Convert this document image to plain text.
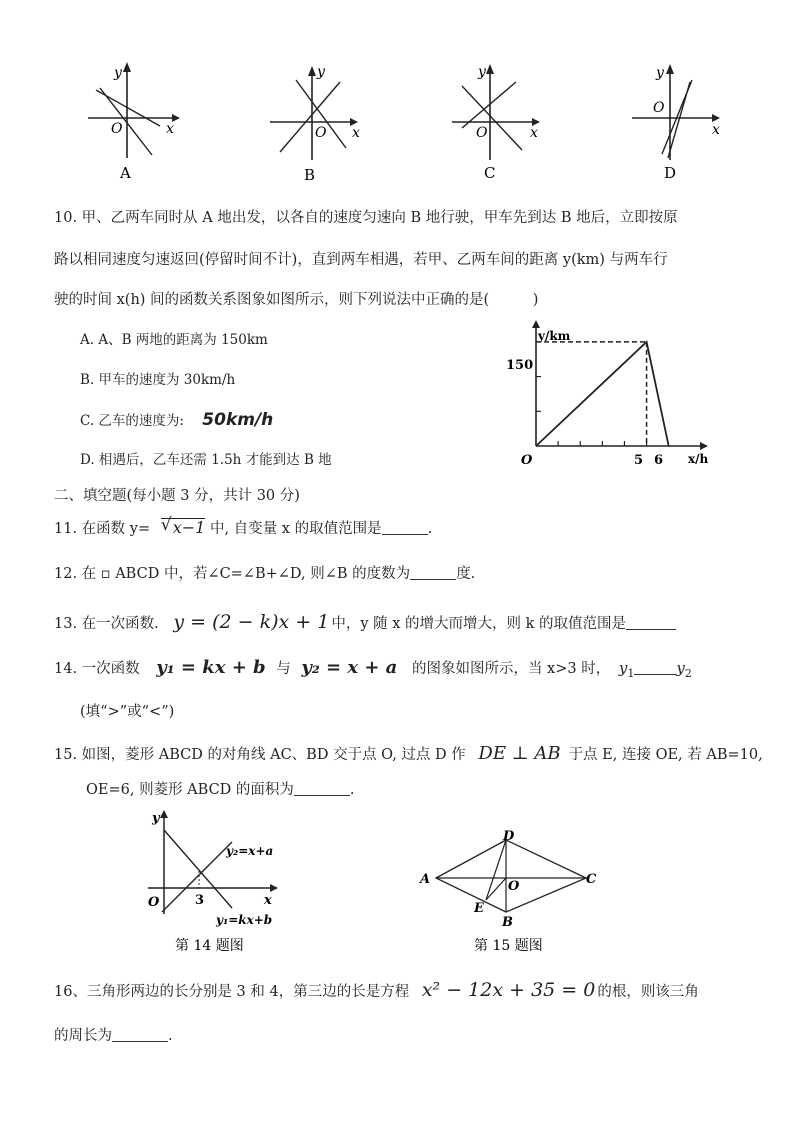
O	x
y
A
O x
y
B
O	x
y
C
O
x
y
D
10. 甲、乙两车同时从 A 地出发，以各自的速度匀速向 B 地行驶，甲车先到达 B 地后，立即按原
路以相同速度匀速返回(停留时间不计)，直到两车相遇，若甲、乙两车间的距离 y(km) 与两车行
驶的时间 x(h) 间的函数关系图象如图所示，则下列说法中正确的是(　　　)
A. A、B 两地的距离为 150km
B. 甲车的速度为 30km/h
C. 乙车的速度为: 50km/h
D. 相遇后，乙车还需 1.5h 才能到达 B 地
y/km
x/h
O
150
5 6
二、填空题(每小题 3 分，共计 30 分)
11. 在函数 y= √ x−1 中, 自变量 x 的取值范围是	.
12. 在 ▫ ABCD 中，若∠C=∠B+∠D, 则∠B 的度数为	度.
13. 在一次函数. y = (2 − k)x + 1 中，y 随 x 的增大而增大，则 k 的取值范围是
14. 一次函数 y₁ = kx + b 与 y₂ = x + a 的图象如图所示，当 x>3 时， $y_1$	$y_2$
(填“>”或“<”)
15. 如图，菱形 ABCD 的对角线 AC、BD 交于点 O, 过点 D 作 DE ⊥ AB 于点 E, 连接 OE, 若 AB=10,
OE=6, 则菱形 ABCD 的面积为	.
y
x
O	3
y₂=x+a
y₁=kx+b
第 14 题图
D
A	C
O
E
B
第 15 题图
16、三角形两边的长分别是 3 和 4，第三边的长是方程 x² − 12x + 35 = 0 的根，则该三角
的周长为	.
